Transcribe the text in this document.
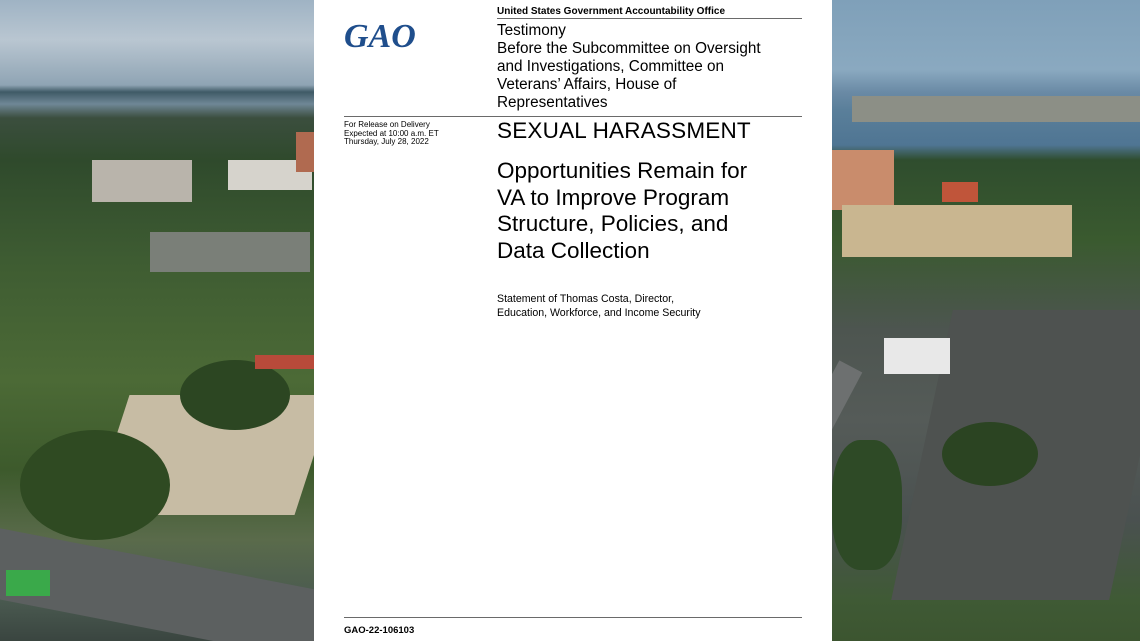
GAO
United States Government Accountability Office
Testimony
Before the Subcommittee on Oversight
and Investigations, Committee on
Veterans’ Affairs, House of
Representatives
For Release on Delivery
Expected at 10:00 a.m. ET
Thursday, July 28, 2022	SEXUAL HARASSMENT
Opportunities Remain for
VA to Improve Program
Structure, Policies, and
Data Collection
Statement of Thomas Costa, Director,
Education, Workforce, and Income Security
GAO-22-106103
